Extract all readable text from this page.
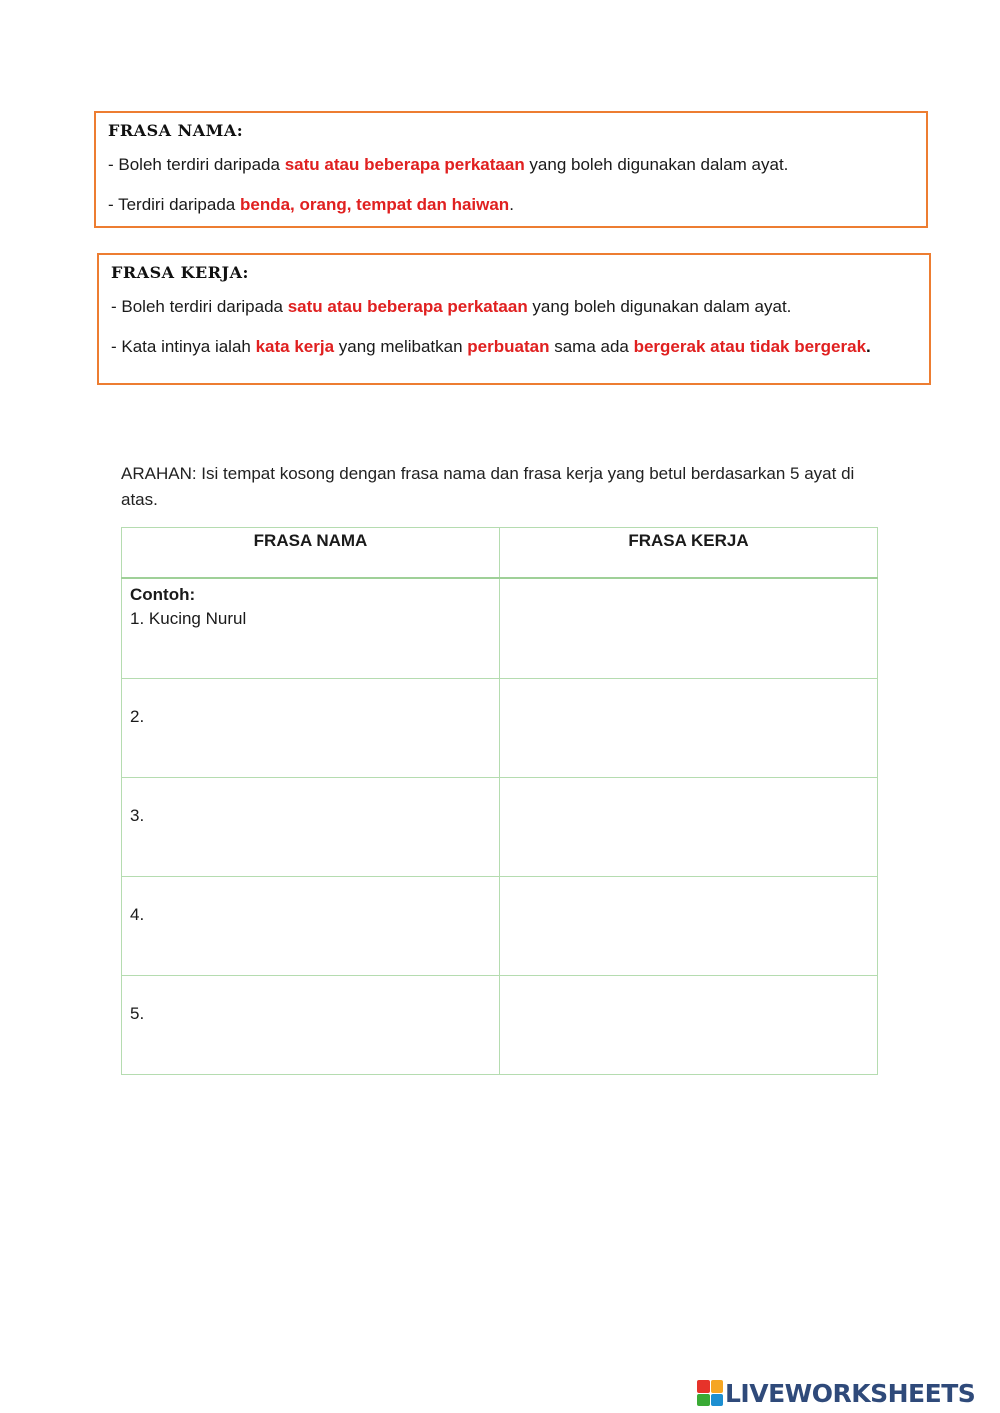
FRASA NAMA:
- Boleh terdiri daripada satu atau beberapa perkataan yang boleh digunakan dalam ayat.
- Terdiri daripada benda, orang, tempat dan haiwan.
FRASA KERJA:
- Boleh terdiri daripada satu atau beberapa perkataan yang boleh digunakan dalam ayat.
- Kata intinya ialah kata kerja yang melibatkan perbuatan sama ada bergerak atau tidak bergerak.
ARAHAN: Isi tempat kosong dengan frasa nama dan frasa kerja yang betul berdasarkan 5 ayat di atas.
FRASA NAMA	FRASA KERJA

Contoh:
1. Kucing Nurul	

2.	

3.	

4.	

5.	

LIVEWORKSHEETS
